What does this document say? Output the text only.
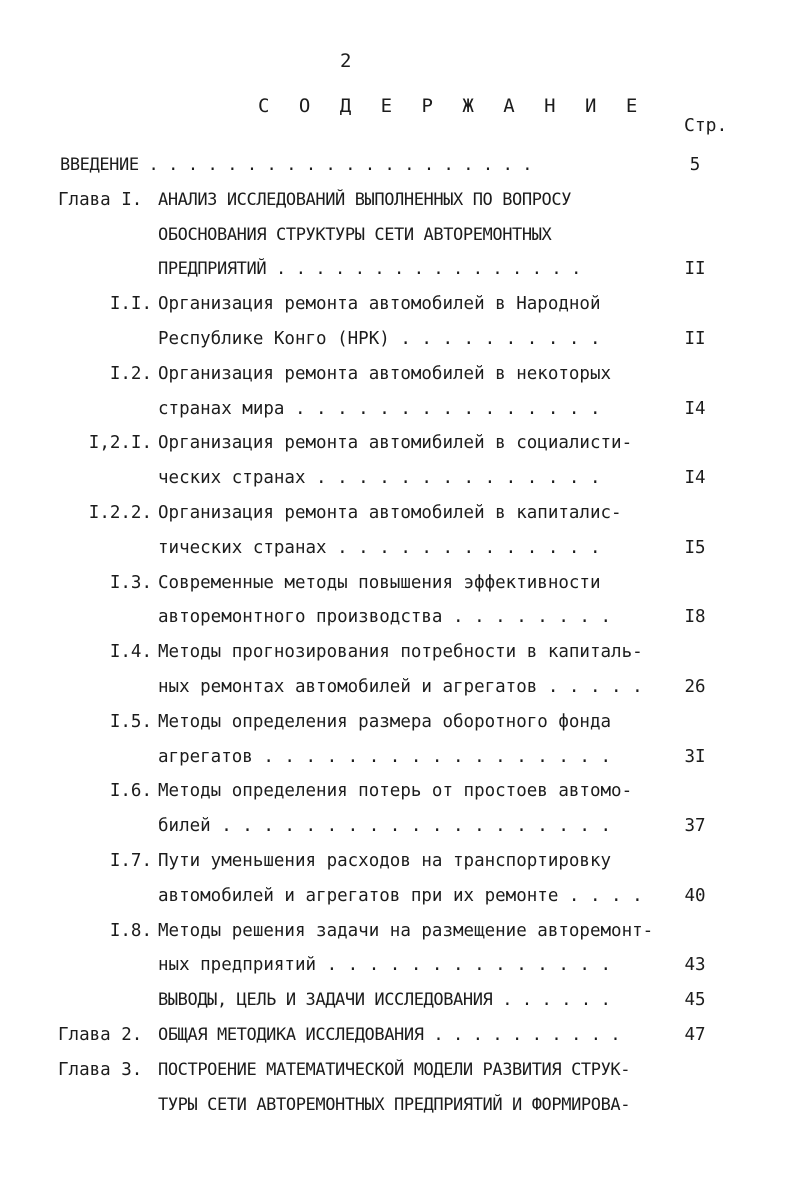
2
С О Д Е Р Ж А Н И Е
Стр.
ВВЕДЕНИЕ . . . . . . . . . . . . . . . . . . . .	5
Глава I. АНАЛИЗ ИССЛЕДОВАНИЙ ВЫПОЛНЕННЫХ ПО ВОПРОСУ
ОБОСНОВАНИЯ СТРУКТУРЫ СЕТИ АВТОРЕМОНТНЫХ
ПРЕДПРИЯТИЙ . . . . . . . . . . . . . . . .	II
I.I. Организация ремонта автомобилей в Народной
Республике Конго (НРК) . . . . . . . . . .	II
I.2. Организация ремонта автомобилей в некоторых
странах мира . . . . . . . . . . . . . . .	I4
I,2.I. Организация ремонта автомибилей в социалисти-
ческих странах . . . . . . . . . . . . . .	I4
I.2.2. Организация ремонта автомобилей в капиталис-
тических странах . . . . . . . . . . . . .	I5
I.3. Современные методы повышения эффективности
авторемонтного производства . . . . . . . .	I8
I.4. Методы прогнозирования потребности в капиталь-
ных ремонтах автомобилей и агрегатов . . . . .	26
I.5. Методы определения размера оборотного фонда
агрегатов . . . . . . . . . . . . . . . . .	3I
I.6. Методы определения потерь от простоев автомо-
билей . . . . . . . . . . . . . . . . . . .	37
I.7. Пути уменьшения расходов на транспортировку
автомобилей и агрегатов при их ремонте . . . .	40
I.8. Методы решения задачи на размещение авторемонт-
ных предприятий . . . . . . . . . . . . . .	43
ВЫВОДЫ, ЦЕЛЬ И ЗАДАЧИ ИССЛЕДОВАНИЯ . . . . . .	45
Глава 2. ОБЩАЯ МЕТОДИКА ИССЛЕДОВАНИЯ . . . . . . . . . .	47
Глава 3. ПОСТРОЕНИЕ МАТЕМАТИЧЕСКОЙ МОДЕЛИ РАЗВИТИЯ СТРУК-
ТУРЫ СЕТИ АВТОРЕМОНТНЫХ ПРЕДПРИЯТИЙ И ФОРМИРОВА-
